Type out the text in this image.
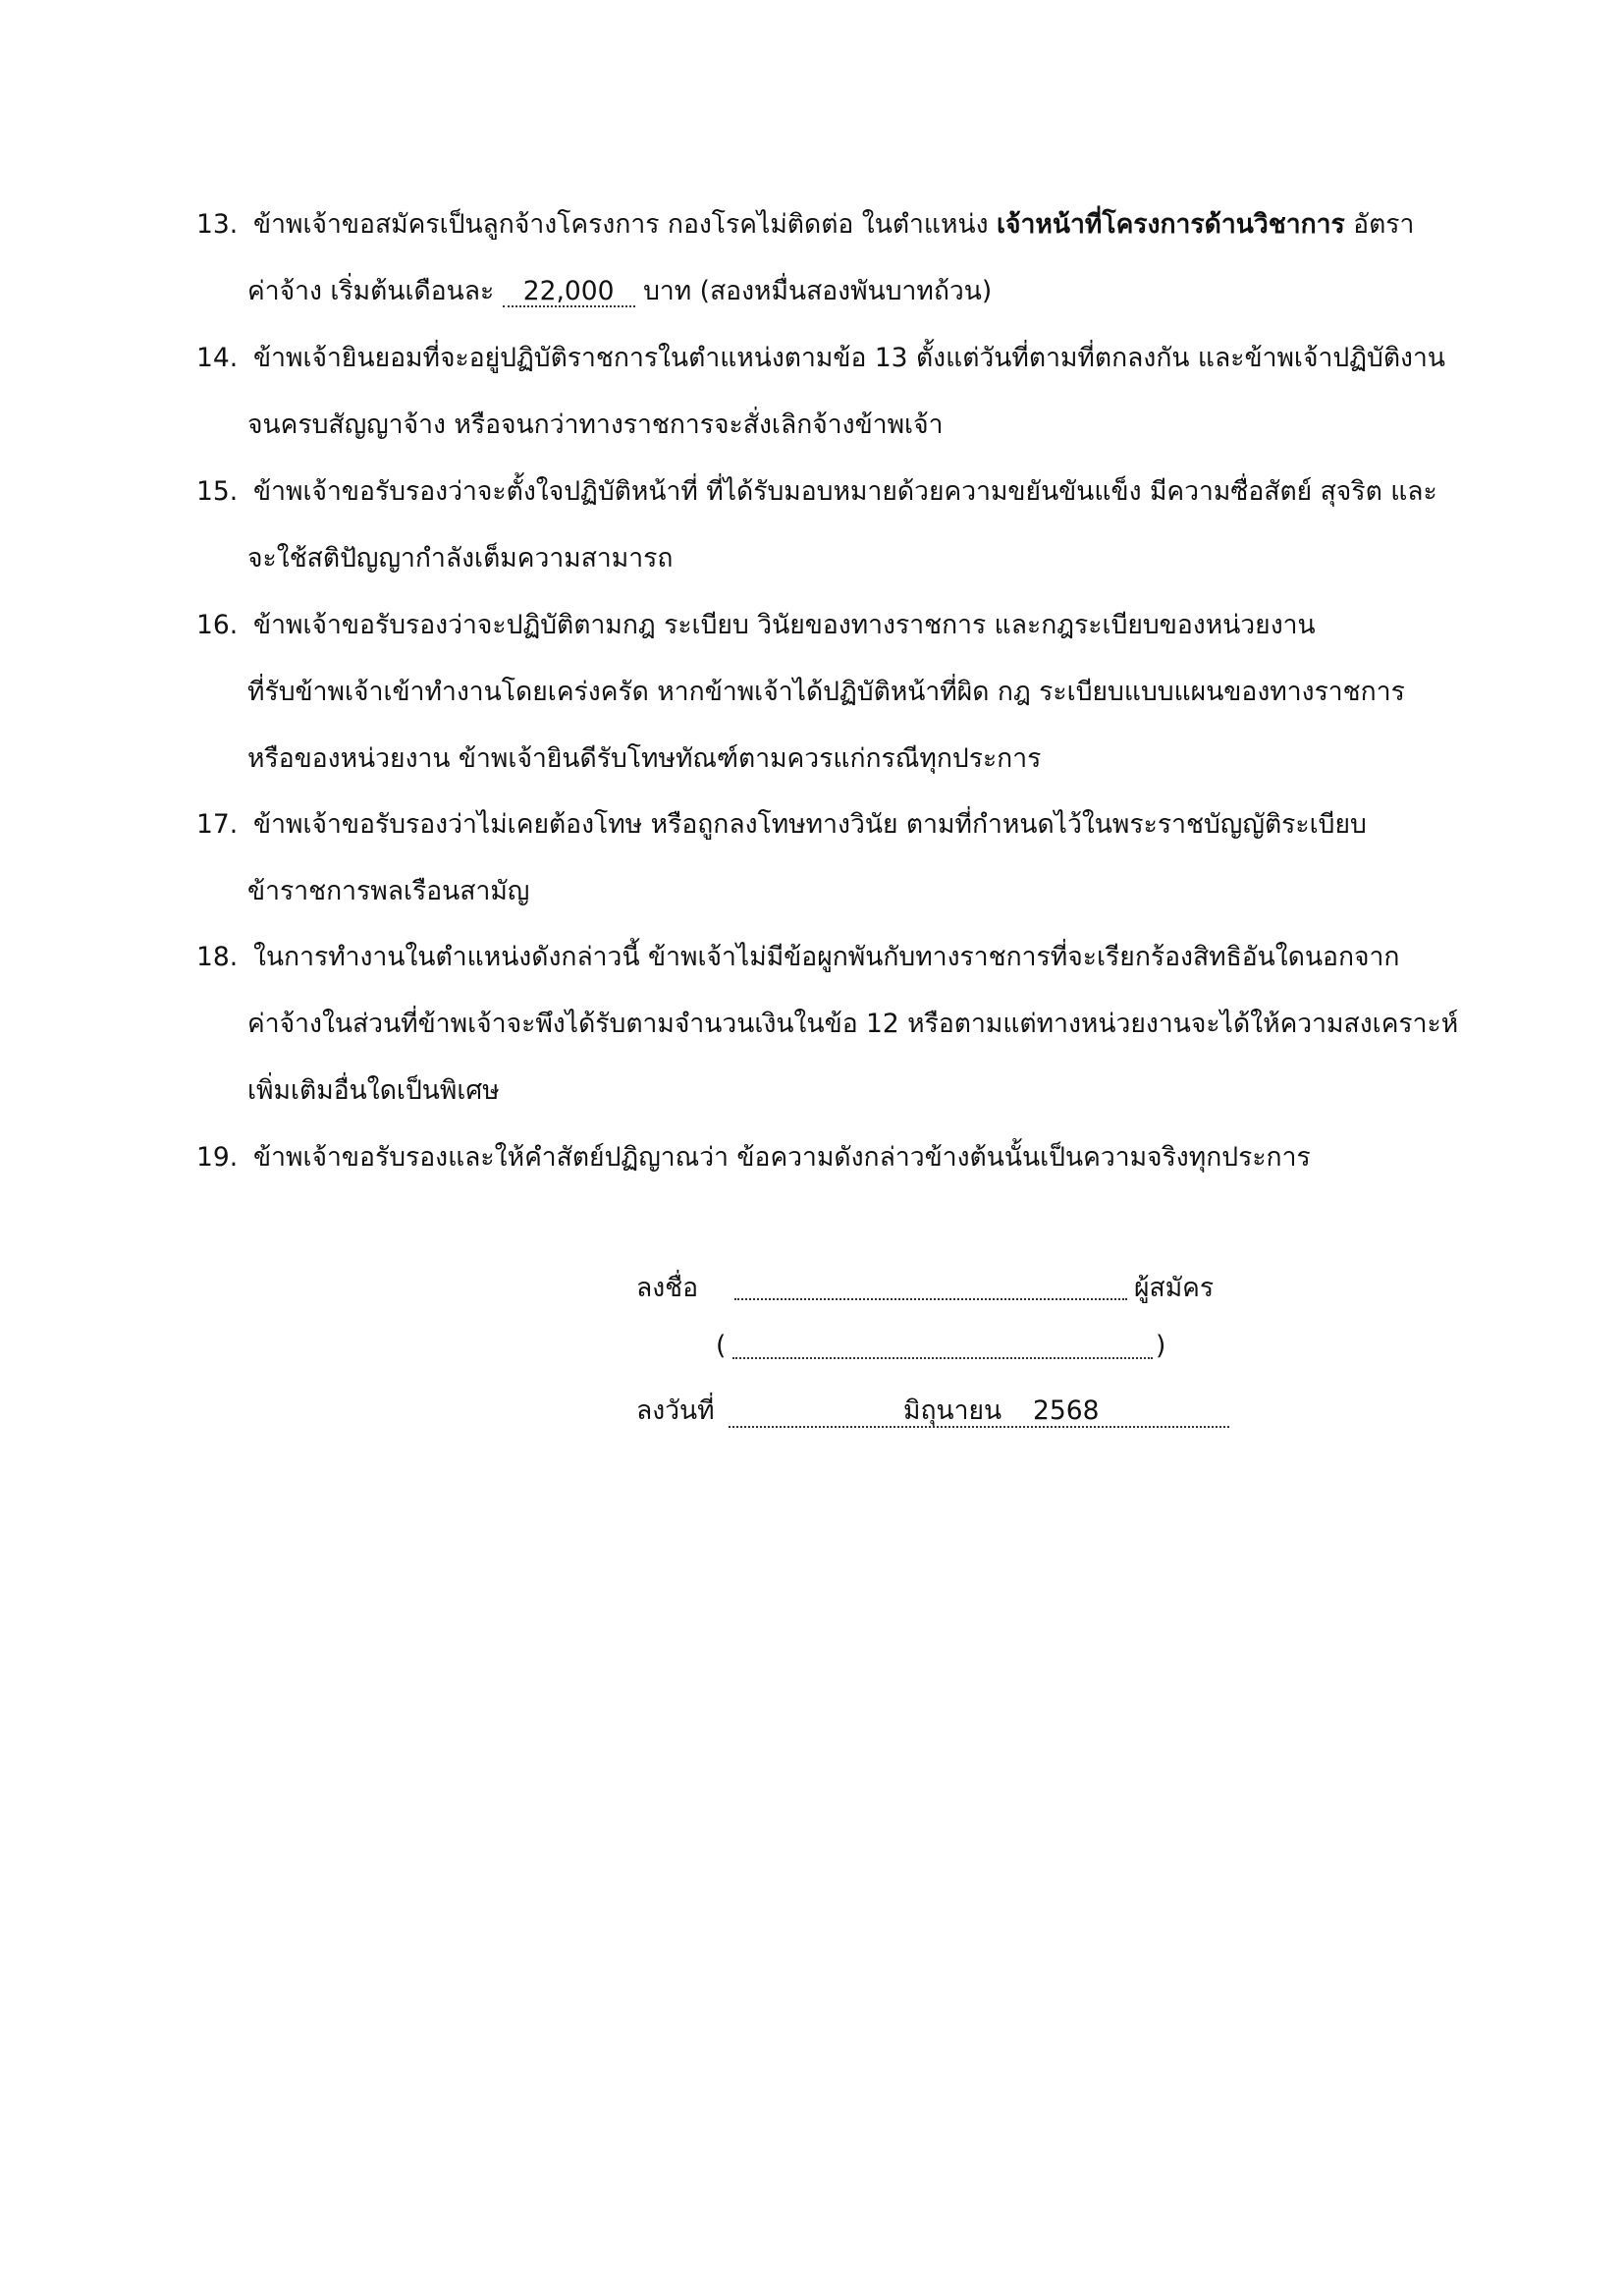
13. ข้าพเจ้าขอสมัครเป็นลูกจ้างโครงการ กองโรคไม่ติดต่อ ในตำแหน่ง เจ้าหน้าที่โครงการด้านวิชาการ อัตรา
ค่าจ้าง เริ่มต้นเดือนละ 22,000 บาท (สองหมื่นสองพันบาทถ้วน)
14. ข้าพเจ้ายินยอมที่จะอยู่ปฏิบัติราชการในตำแหน่งตามข้อ 13 ตั้งแต่วันที่ตามที่ตกลงกัน และข้าพเจ้าปฏิบัติงาน
จนครบสัญญาจ้าง หรือจนกว่าทางราชการจะสั่งเลิกจ้างข้าพเจ้า
15. ข้าพเจ้าขอรับรองว่าจะตั้งใจปฏิบัติหน้าที่ ที่ได้รับมอบหมายด้วยความขยันขันแข็ง มีความซื่อสัตย์ สุจริต และ
จะใช้สติปัญญากำลังเต็มความสามารถ
16. ข้าพเจ้าขอรับรองว่าจะปฏิบัติตามกฎ ระเบียบ วินัยของทางราชการ และกฎระเบียบของหน่วยงาน
ที่รับข้าพเจ้าเข้าทำงานโดยเคร่งครัด หากข้าพเจ้าได้ปฏิบัติหน้าที่ผิด กฎ ระเบียบแบบแผนของทางราชการ
หรือของหน่วยงาน ข้าพเจ้ายินดีรับโทษทัณฑ์ตามควรแก่กรณีทุกประการ
17. ข้าพเจ้าขอรับรองว่าไม่เคยต้องโทษ หรือถูกลงโทษทางวินัย ตามที่กำหนดไว้ในพระราชบัญญัติระเบียบ
ข้าราชการพลเรือนสามัญ
18. ในการทำงานในตำแหน่งดังกล่าวนี้ ข้าพเจ้าไม่มีข้อผูกพันกับทางราชการที่จะเรียกร้องสิทธิอันใดนอกจาก
ค่าจ้างในส่วนที่ข้าพเจ้าจะพึงได้รับตามจำนวนเงินในข้อ 12 หรือตามแต่ทางหน่วยงานจะได้ให้ความสงเคราะห์
เพิ่มเติมอื่นใดเป็นพิเศษ
19. ข้าพเจ้าขอรับรองและให้คำสัตย์ปฏิญาณว่า ข้อความดังกล่าวข้างต้นนั้นเป็นความจริงทุกประการ
ลงชื่อ	ผู้สมัคร
(	)
ลงวันที่	มิถุนายน 2568
